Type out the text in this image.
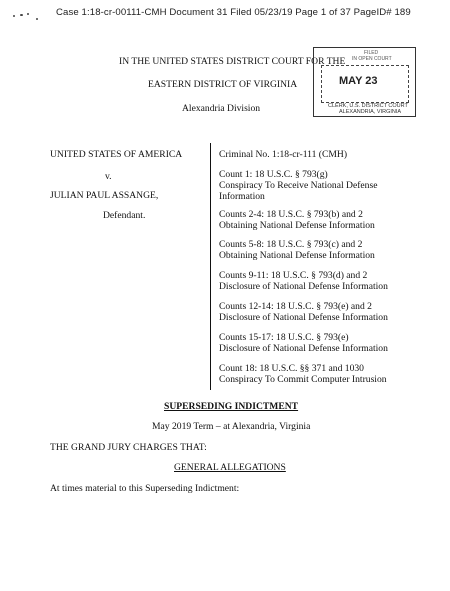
Case 1:18-cr-00111-CMH Document 31 Filed 05/23/19 Page 1 of 37 PageID# 189
IN THE UNITED STATES DISTRICT COURT FOR THE
EASTERN DISTRICT OF VIRGINIA
Alexandria Division
FILED
IN OPEN COURT
MAY 23
CLERK, U.S. DISTRICT COURT
ALEXANDRIA, VIRGINIA
UNITED STATES OF AMERICA
v.
JULIAN PAUL ASSANGE,
Defendant.
Criminal No. 1:18-cr-111 (CMH)
Count 1: 18 U.S.C. § 793(g)
Conspiracy To Receive National Defense
Information
Counts 2-4: 18 U.S.C. § 793(b) and 2
Obtaining National Defense Information
Counts 5-8: 18 U.S.C. § 793(c) and 2
Obtaining National Defense Information
Counts 9-11: 18 U.S.C. § 793(d) and 2
Disclosure of National Defense Information
Counts 12-14: 18 U.S.C. § 793(e) and 2
Disclosure of National Defense Information
Counts 15-17: 18 U.S.C. § 793(e)
Disclosure of National Defense Information
Count 18: 18 U.S.C. §§ 371 and 1030
Conspiracy To Commit Computer Intrusion
SUPERSEDING INDICTMENT
May 2019 Term – at Alexandria, Virginia
THE GRAND JURY CHARGES THAT:
GENERAL ALLEGATIONS
At times material to this Superseding Indictment:
